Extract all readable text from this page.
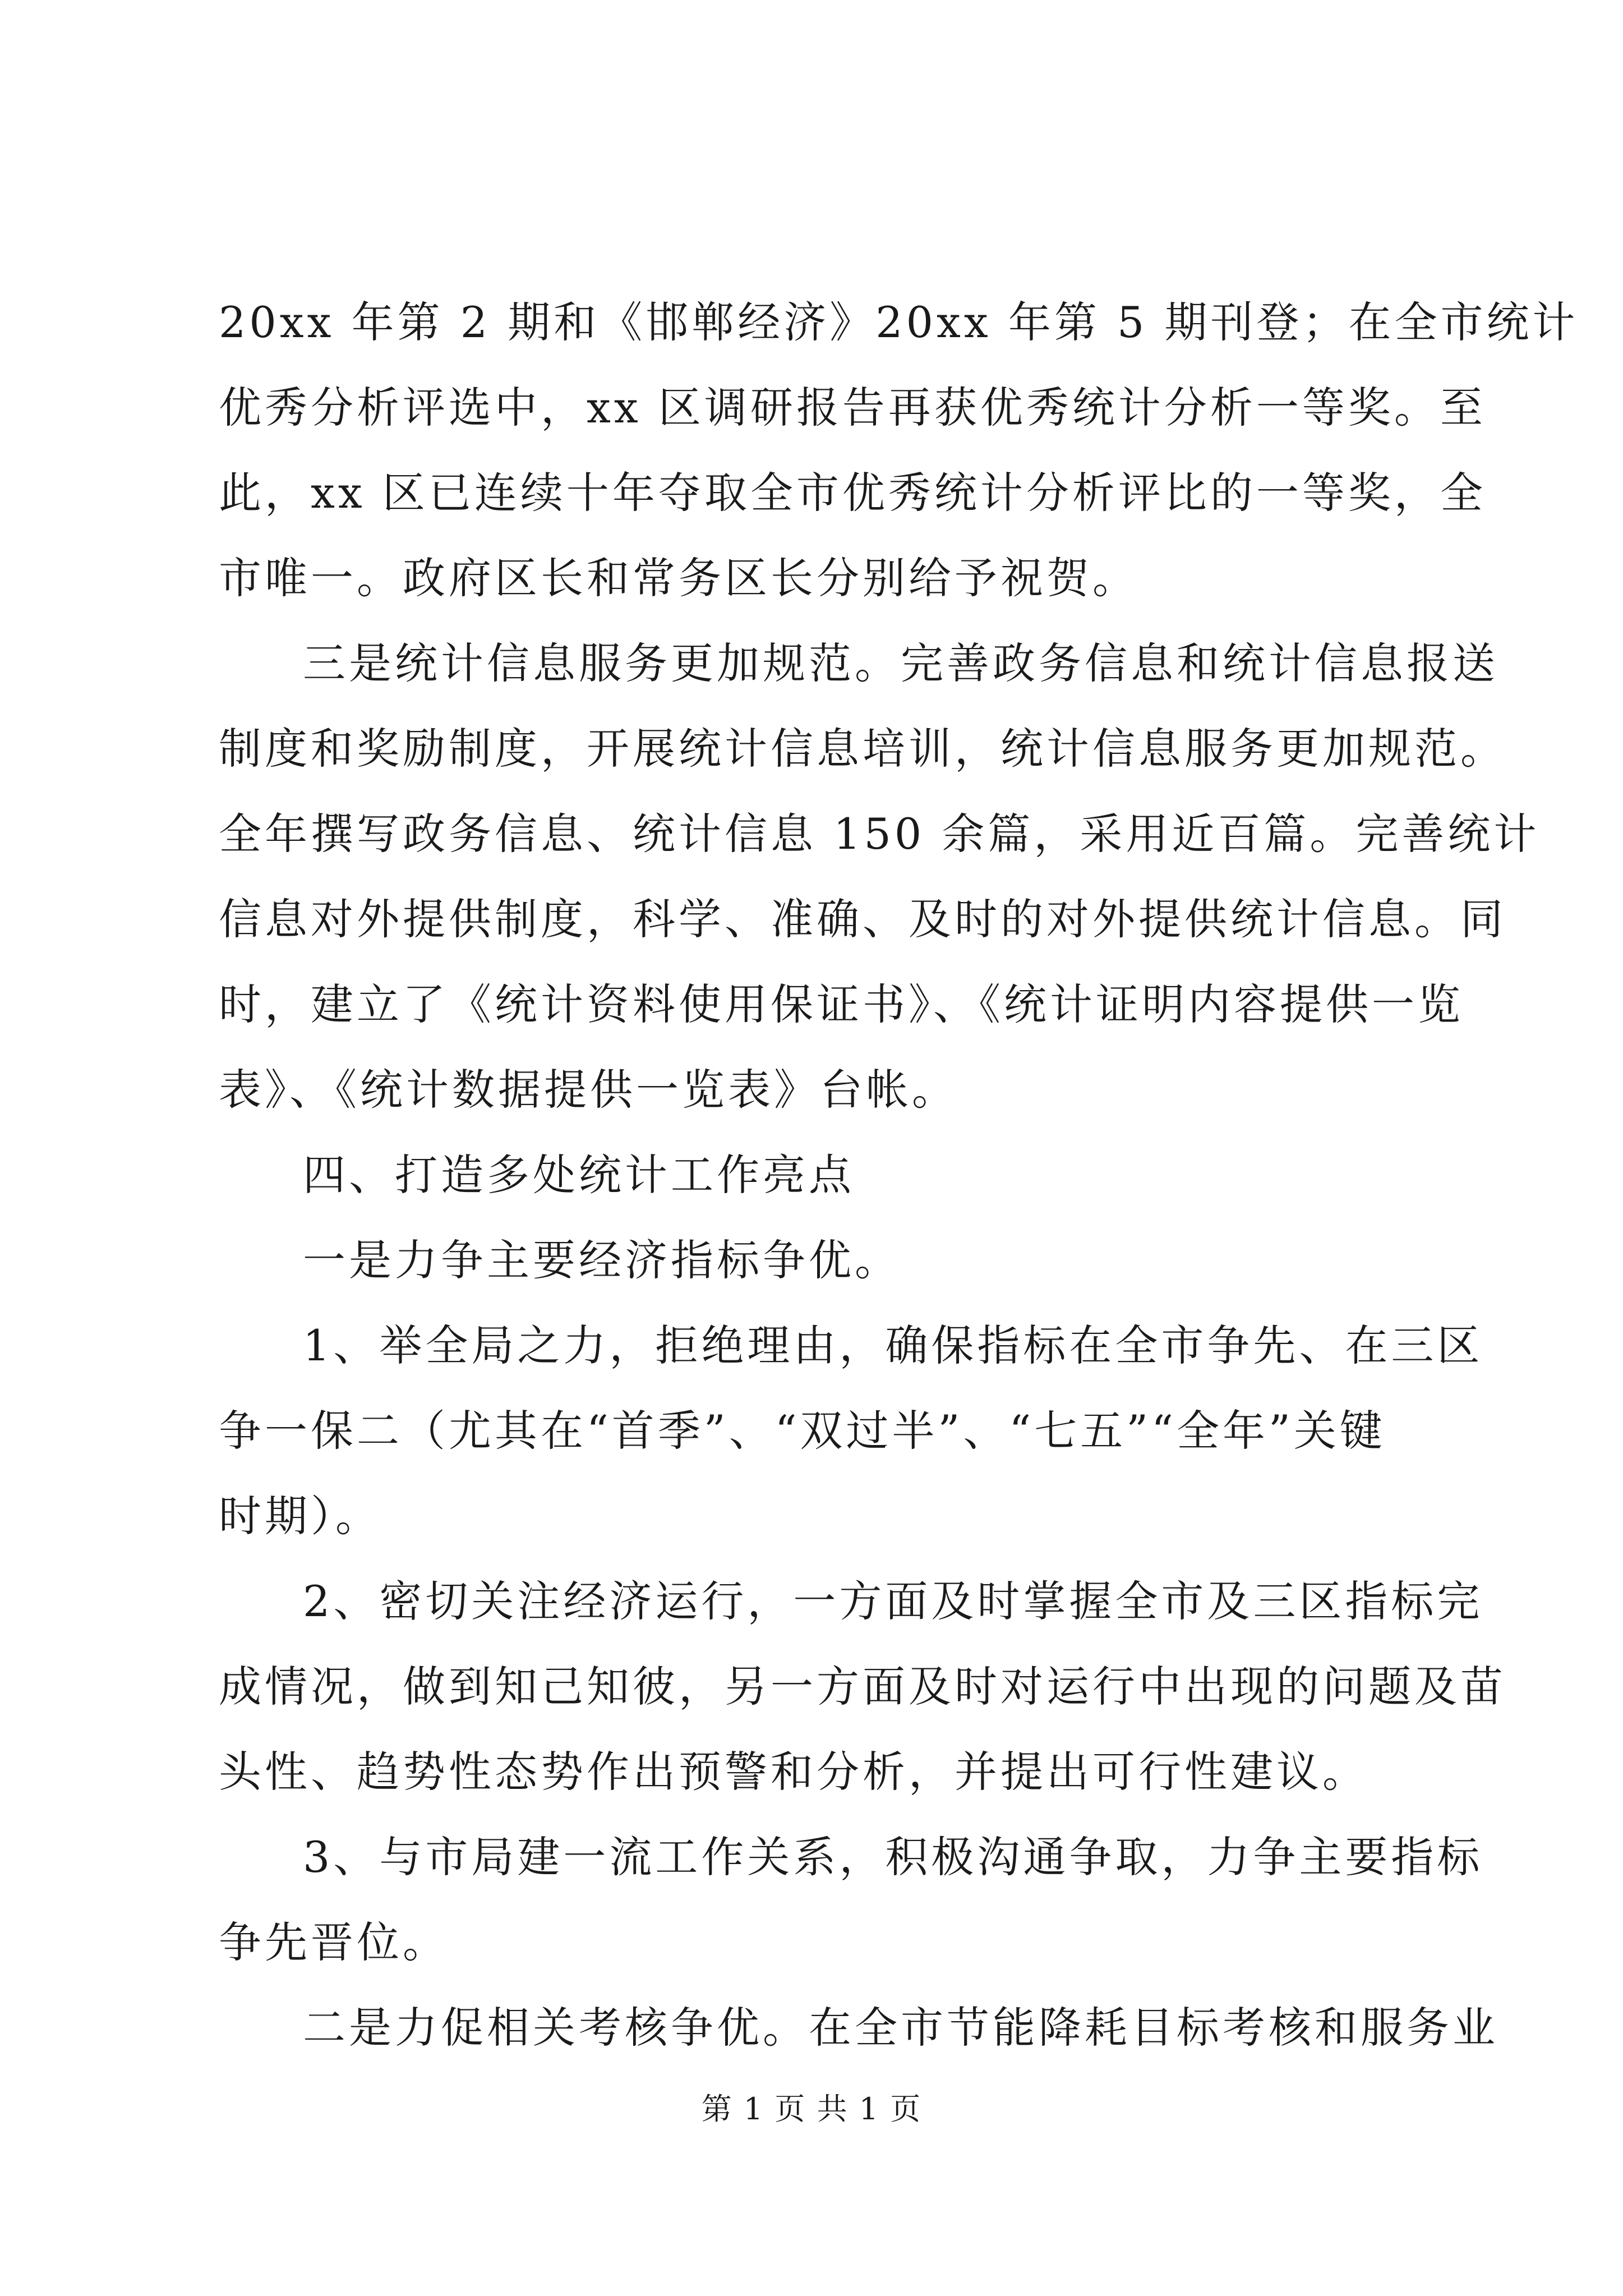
20xx 年第 2 期和《邯郸经济》20xx 年第 5 期刊登；在全市统计
优秀分析评选中，xx 区调研报告再获优秀统计分析一等奖。至
此，xx 区已连续十年夺取全市优秀统计分析评比的一等奖，全
市唯一。政府区长和常务区长分别给予祝贺。
三是统计信息服务更加规范。完善政务信息和统计信息报送
制度和奖励制度，开展统计信息培训，统计信息服务更加规范。
全年撰写政务信息、统计信息 150 余篇，采用近百篇。完善统计
信息对外提供制度，科学、准确、及时的对外提供统计信息。同
时，建立了《统计资料使用保证书》、《统计证明内容提供一览
表》、《统计数据提供一览表》台帐。
四、打造多处统计工作亮点
一是力争主要经济指标争优。
1、举全局之力，拒绝理由，确保指标在全市争先、在三区
争一保二（尤其在“首季”、“双过半”、“七五”“全年”关键
时期）。
2、密切关注经济运行，一方面及时掌握全市及三区指标完
成情况，做到知己知彼，另一方面及时对运行中出现的问题及苗
头性、趋势性态势作出预警和分析，并提出可行性建议。
3、与市局建一流工作关系，积极沟通争取，力争主要指标
争先晋位。
二是力促相关考核争优。在全市节能降耗目标考核和服务业
第 1 页 共 1 页
